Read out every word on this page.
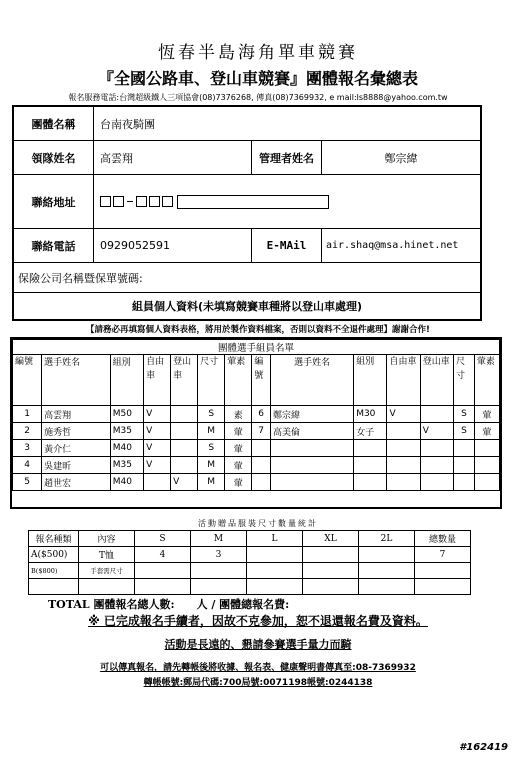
恆春半島海角單車競賽
『全國公路車、登山車競賽』團體報名彙總表
報名服務電話:台灣超級鐵人三項協會(08)7376268, 傳真(08)7369932, e mail:ls8888@yahoo.com.tw
團體名稱	台南夜騎團
領隊姓名	高雲翔	管理者姓名	鄭宗緯
聯絡地址
聯絡電話	0929052591	E-MAil	air.shaq@msa.hinet.net
保險公司名稱暨保單號碼:
組員個人資料(未填寫競賽車種將以登山車處理)
【請務必再填寫個人資料表格，將用於製作資料檔案，否則以資料不全退件處理】謝謝合作!
團體選手組員名單													
編號	選手姓名	組別	自由車	登山車	尺寸	葷素	編號	選手姓名	組別	自由車	登山車	尺寸	葷素
1	高雲翔	M50	V		S	素	6	鄭宗緯	M30	V		S	葷
2	施秀哲	M35	V		M	葷	7	高美倫	女子		V	S	葷
3	黃介仁	M40	V		S	葷							
4	吳建昕	M35	V		M	葷							
5	趙世宏	M40		V	M	葷							
活動贈品服裝尺寸數量統計
報名種類	內容	S	M	L	XL	2L	總數量
A($500)	T恤	4	3				7
B($800)	手套需尺寸						

TOTAL 團體報名總人數:　　人 / 團體總報名費:
※ 已完成報名手續者，因故不克參加，恕不退還報名費及資料。
活動是長遠的、懇請參賽選手量力而騎
可以傳真報名，請先轉帳後將收據、報名表、健康聲明書傳真至:08-7369932
轉帳帳號:郵局代碼:700局號:0071198帳號:0244138
#162419
